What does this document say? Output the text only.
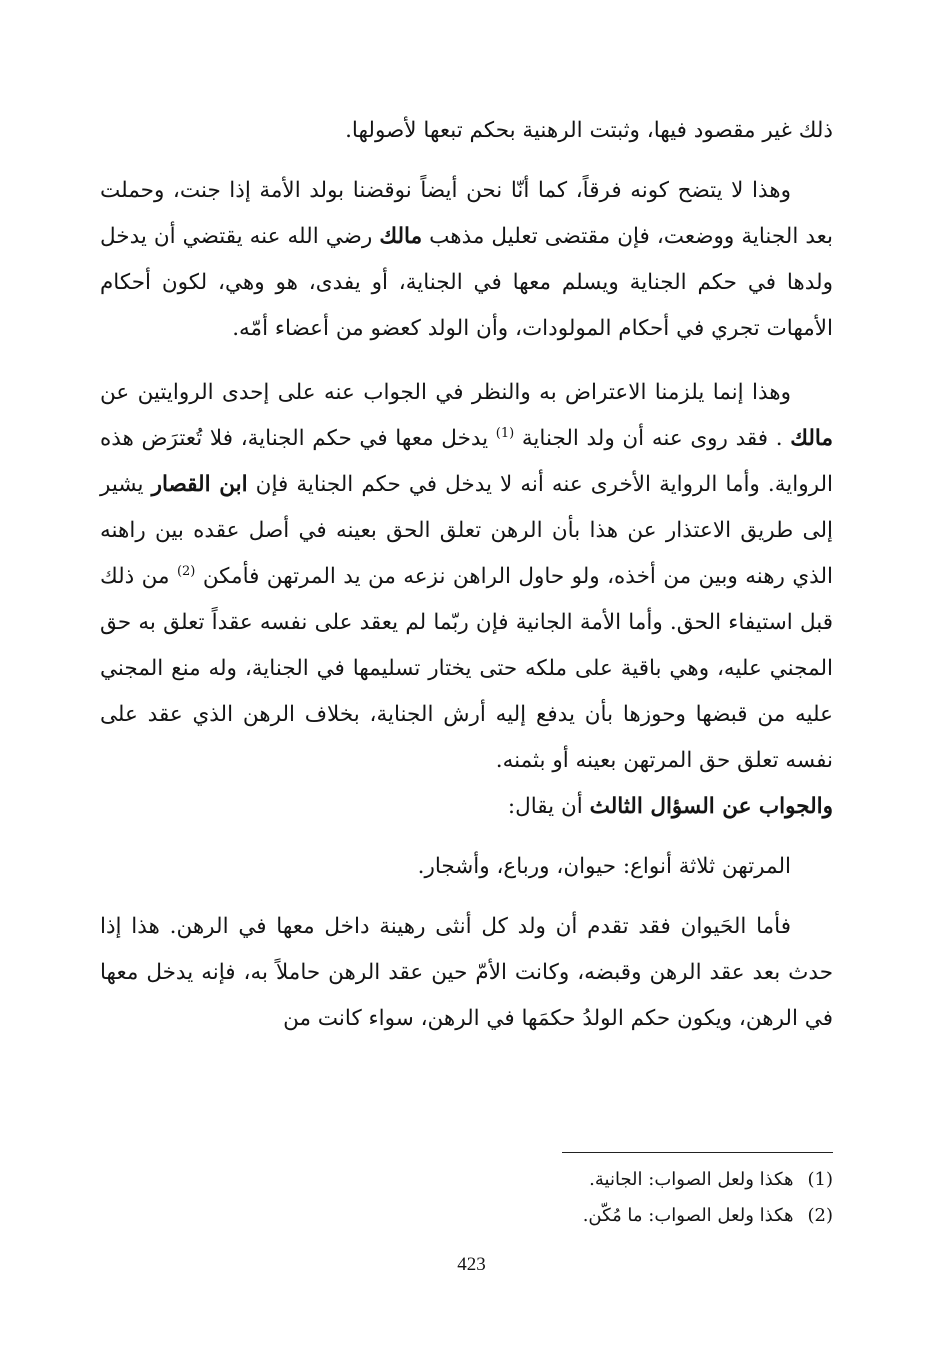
ذلك غير مقصود فيها، وثبتت الرهنية بحكم تبعها لأصولها.

وهذا لا يتضح كونه فرقاً، كما أنّا نحن أيضاً نوقضنا بولد الأمة إذا جنت، وحملت بعد الجناية ووضعت، فإن مقتضى تعليل مذهب مالك رضي الله عنه يقتضي أن يدخل ولدها في حكم الجناية ويسلم معها في الجناية، أو يفدى، هو وهي، لكون أحكام الأمهات تجري في أحكام المولودات، وأن الولد كعضو من أعضاء أمّه.

وهذا إنما يلزمنا الاعتراض به والنظر في الجواب عنه على إحدى الروايتين عن مالك . فقد روى عنه أن ولد الجناية $^{(1)}$ يدخل معها في حكم الجناية، فلا تُعترَض هذه الرواية. وأما الرواية الأخرى عنه أنه لا يدخل في حكم الجناية فإن ابن القصار يشير إلى طريق الاعتذار عن هذا بأن الرهن تعلق الحق بعينه في أصل عقده بين راهنه الذي رهنه وبين من أخذه، ولو حاول الراهن نزعه من يد المرتهن فأمكن $^{(2)}$ من ذلك قبل استيفاء الحق. وأما الأمة الجانية فإن ربّما لم يعقد على نفسه عقداً تعلق به حق المجني عليه، وهي باقية على ملكه حتى يختار تسليمها في الجناية، وله منع المجني عليه من قبضها وحوزها بأن يدفع إليه أرش الجناية، بخلاف الرهن الذي عقد على نفسه تعلق حق المرتهن بعينه أو بثمنه.

والجواب عن السؤال الثالث أن يقال:

المرتهن ثلاثة أنواع: حيوان، ورباع، وأشجار.

فأما الحَيوان فقد تقدم أن ولد كل أنثى رهينة داخل معها في الرهن. هذا إذا حدث بعد عقد الرهن وقبضه، وكانت الأمّ حين عقد الرهن حاملاً به، فإنه يدخل معها في الرهن، ويكون حكم الولدُ حكمَها في الرهن، سواء كانت من

(1)
هكذا ولعل الصواب: الجانية.

(2)
هكذا ولعل الصواب: ما مُكّن.

423
